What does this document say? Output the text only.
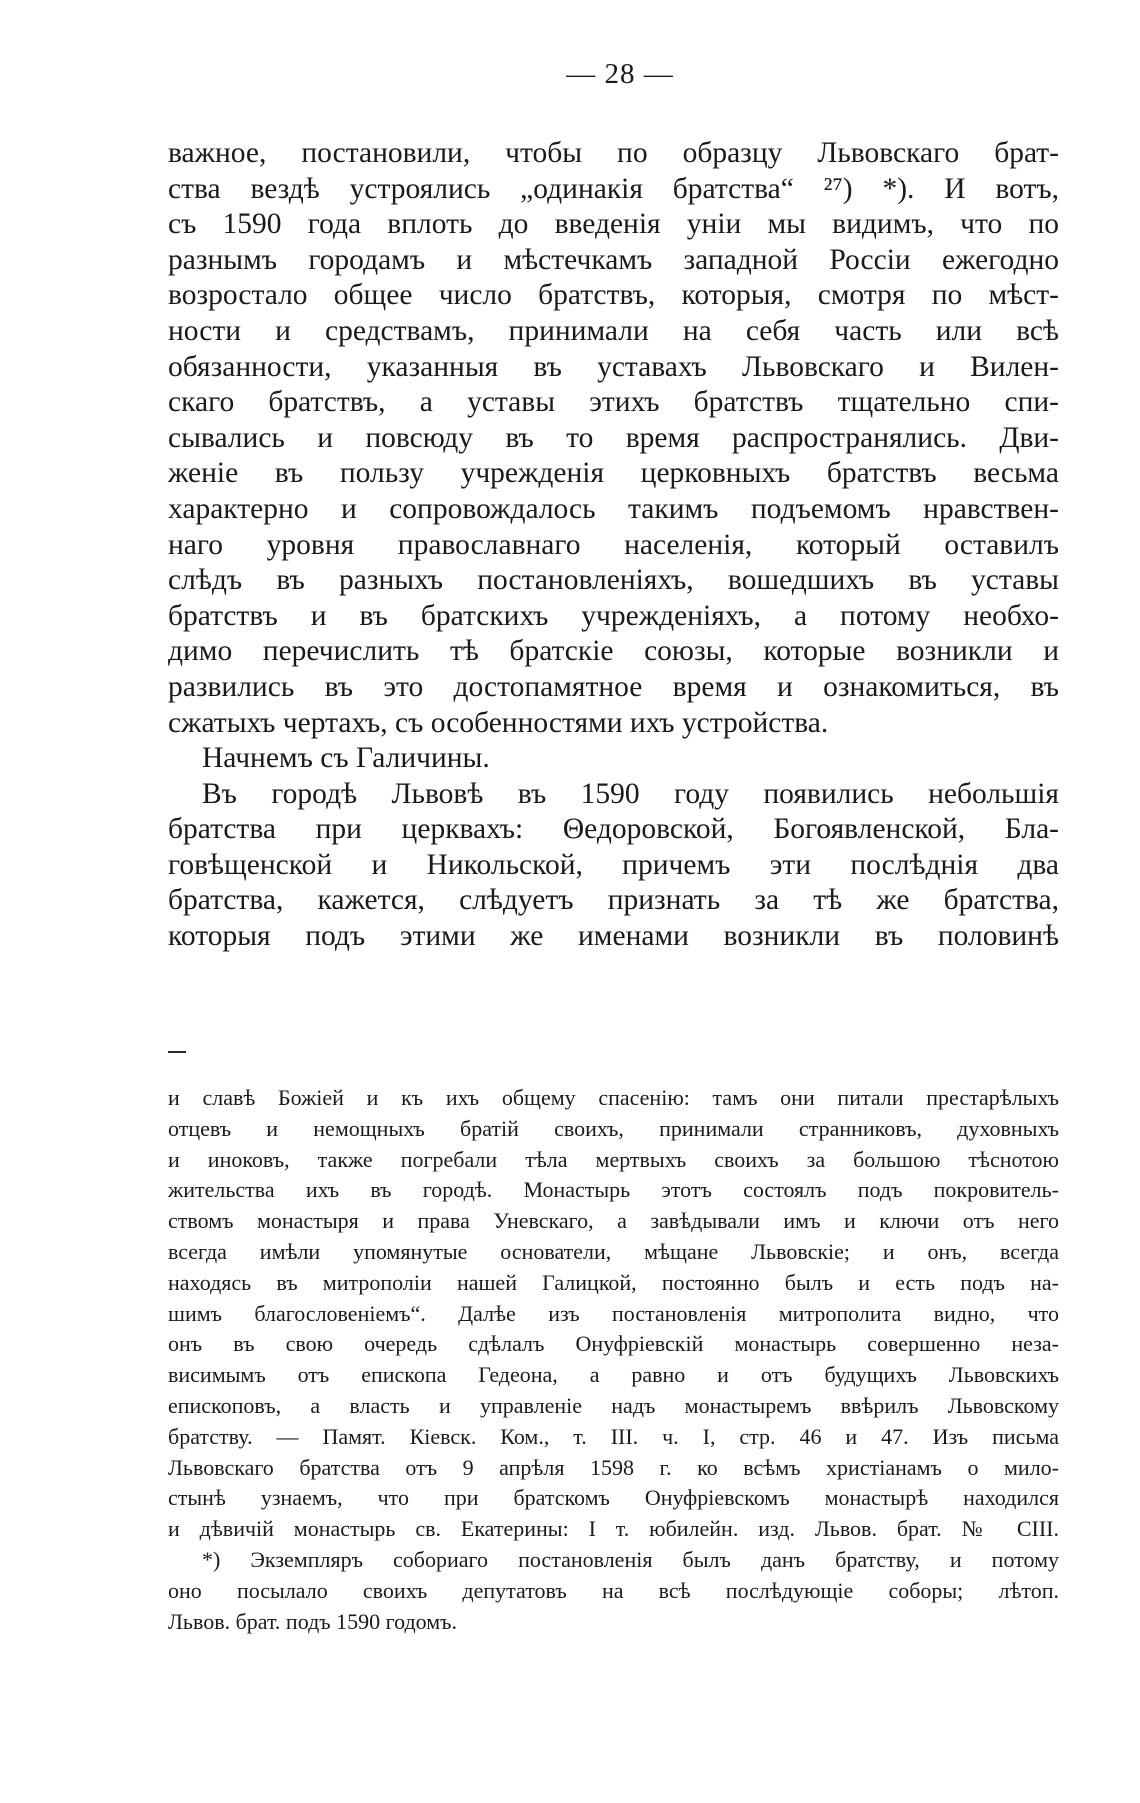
— 28 —
важное, постановили, чтобы по образцу Львовскаго брат-
ства вездѣ устроялись „одинакія братства“ ²⁷) *). И вотъ,
съ 1590 года вплоть до введенія уніи мы видимъ, что по
разнымъ городамъ и мѣстечкамъ западной Россіи ежегодно
возростало общее число братствъ, которыя, смотря по мѣст-
ности и средствамъ, принимали на себя часть или всѣ
обязанности, указанныя въ уставахъ Львовскаго и Вилен-
скаго братствъ, а уставы этихъ братствъ тщательно спи-
сывались и повсюду въ то время распространялись. Дви-
женіе въ пользу учрежденія церковныхъ братствъ весьма
характерно и сопровождалось такимъ подъемомъ нравствен-
наго уровня православнаго населенія, который оставилъ
слѣдъ въ разныхъ постановленіяхъ, вошедшихъ въ уставы
братствъ и въ братскихъ учрежденіяхъ, а потому необхо-
димо перечислить тѣ братскіе союзы, которые возникли и
развились въ это достопамятное время и ознакомиться, въ
сжатыхъ чертахъ, съ особенностями ихъ устройства.
Начнемъ съ Галичины.
Въ городѣ Львовѣ въ 1590 году появились небольшія
братства при церквахъ: Θедоровской, Богоявленской, Бла-
говѣщенской и Никольской, причемъ эти послѣднія два
братства, кажется, слѣдуетъ признать за тѣ же братства,
которыя подъ этими же именами возникли въ половинѣ
и славѣ Божіей и къ ихъ общему спасенію: тамъ они питали престарѣлыхъ
отцевъ и немощныхъ братій своихъ, принимали странниковъ, духовныхъ
и иноковъ, также погребали тѣла мертвыхъ своихъ за большою тѣснотою
жительства ихъ въ городѣ. Монастырь этотъ состоялъ подъ покровитель-
ствомъ монастыря и права Уневскаго, а завѣдывали имъ и ключи отъ него
всегда имѣли упомянутые основатели, мѣщане Львовскіе; и онъ, всегда
находясь въ митрополіи нашей Галицкой, постоянно былъ и есть подъ на-
шимъ благословеніемъ“. Далѣе изъ постановленія митрополита видно, что
онъ въ свою очередь сдѣлалъ Онуфріевскій монастырь совершенно неза-
висимымъ отъ епископа Гедеона, а равно и отъ будущихъ Львовскихъ
епископовъ, а власть и управленіе надъ монастыремъ ввѣрилъ Львовскому
братству. — Памят. Кіевск. Ком., т. III. ч. I, стр. 46 и 47. Изъ письма
Львовскаго братства отъ 9 апрѣля 1598 г. ко всѣмъ христіанамъ о мило-
стынѣ узнаемъ, что при братскомъ Онуфріевскомъ монастырѣ находился
и дѣвичій монастырь св. Екатерины: I т. юбилейн. изд. Львов. брат. № CIII.
*) Экземпляръ собориаго постановленія былъ данъ братству, и потому
оно посылало своихъ депутатовъ на всѣ послѣдующіе соборы; лѣтоп.
Львов. брат. подъ 1590 годомъ.
